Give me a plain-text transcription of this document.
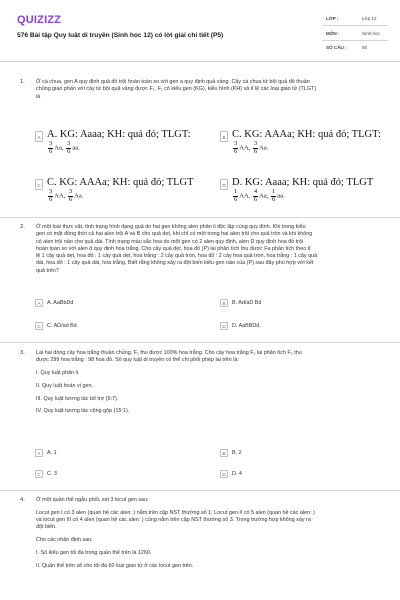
QUIZIZZ
576 Bài tập Quy luật di truyền (Sinh học 12) có lời giải chi tiết (P5)
LỚP :	Lớp 12
MÔN :	Sinh học
SỐ CÂU :	50
1. Ở cà chua, gen A quy định quả đỏ trội hoàn toàn so với gen a quy định quả vàng. Cây cà chua tứ bội quả đỏ thuần
chủng giao phấn với cây tứ bội quả vàng được F₁. F₁ có kiểu gen (KG), kiểu hình (KH) và tỉ lệ các loại giao tử (TLGT)
là
A A. KG: Aaaa; KH: quả đỏ; TLGT:
$\frac{3}{6} Aa$, $\frac{3}{6}$ aa.
B C. KG: AAAa; KH: quả đỏ; TLGT:
$\frac{3}{6}$ AA, $\frac{3}{6} Aa$.
C C. KG: AAAa; KH: quả đỏ; TLGT
$\frac{3}{6}$ AA, $\frac{3}{6} Aa$.
D D. KG: Aaaa; KH: quả đỏ; TLGT
$\frac{1}{6}$ AA, $\frac{4}{6} Aa$, $\frac{1}{6}$ aa.
2. Ở một loài thực vật, tính trạng hình dạng quả do hai gen không alen phân li độc lập cùng quy định. Khi trong kiểu
gen có mặt đồng thời cả hai alen trội A và B cho quả dẹt, khi chỉ có một trong hai alen trội cho quả tròn và khi không
có alen trội nào cho quả dài. Tính trạng màu sắc hoa do một gen có 2 alen quy định, alen D quy định hoa đỏ trội
hoàn toàn so với alen d quy định hoa trắng. Cho cây quả dẹt, hoa đỏ (P) lai phân tích thu được Fa phân tích theo tỉ
lệ 1 cây quả dẹt, hoa đỏ : 1 cây quả dẹt, hoa trắng : 2 cây quả tròn, hoa đỏ : 2 cây hoa quả tròn, hoa trắng : 1 cây quả
dài, hoa đỏ : 1 cây quả dài, hoa trắng. Biết rằng không xảy ra đột biến kiểu gen nào của (P) sau đây phù hợp với kết
quả trên?
A	A. AaBbDd	B	B. Ad/aD Bd
C	C. AD/ad Bd	D	D. AaBBDd.
3. Lai hai dòng cây hoa trắng thuần chủng, F₁ thu được 100% hoa trắng. Cho cây hoa trắng F₁ lai phân tích F₂ thu
được 299 hoa trắng : 98 hoa đỏ. Số quy luật di truyền có thể chi phối phép lai trên là:
I. Quy luật phân li.
II. Quy luật hoán vị gen.
III. Quy luật tương tác bổ trợ (9:7).
IV. Quy luật tương tác cộng gộp (15:1).
A	A. 1	B	B. 2
C	C. 3	D	D. 4
4. Ở một quần thể ngẫu phối, xét 3 locut gen sau:
Locut gen I có 3 alen (quan hệ các alen: ) nằm trên cặp NST thường số 1; Locut gen II có 5 alen (quan hệ các alen: )
và locut gen III có 4 alen (quan hệ các alen: ) cùng nằm trên cặp NST thường số 3. Trong trường hợp không xảy ra
đột biến.
Cho các nhận định sau:
I. Số kiểu gen tối đa trong quần thể trên là 1260.
II. Quần thể trên sẽ cho tối đa 60 loại giao tử ở các locut gen trên.
